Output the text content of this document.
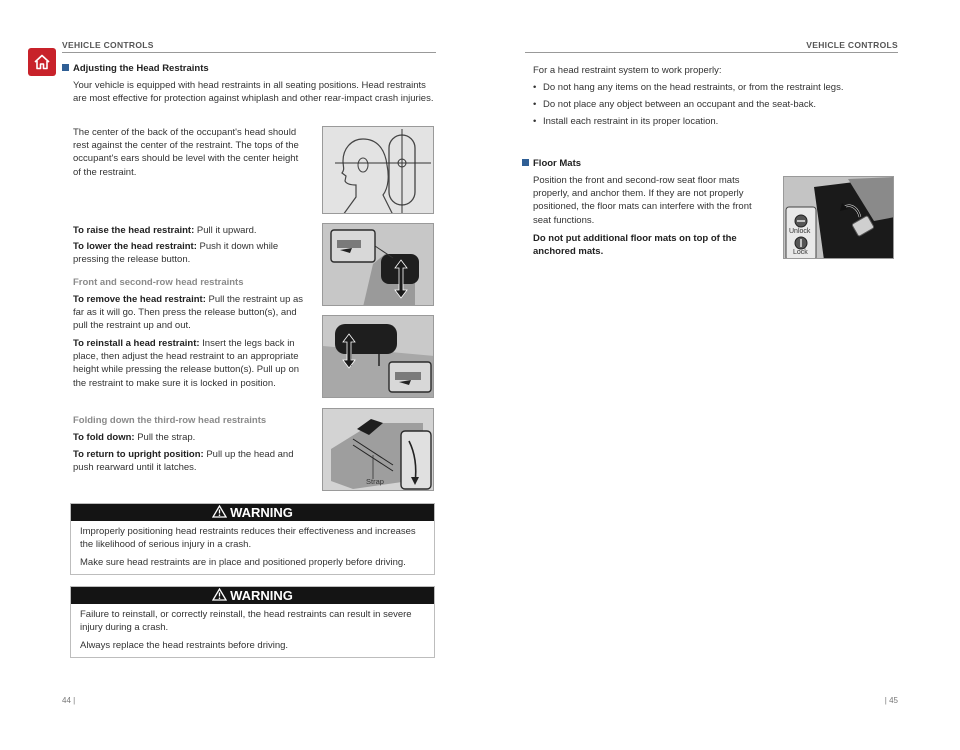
VEHICLE CONTROLS	VEHICLE CONTROLS
Adjusting the Head Restraints
Your vehicle is equipped with head restraints in all seating positions. Head restraints are most effective for protection against whiplash and other rear-impact crash injuries.
The center of the back of the occupant's head should rest against the center of the restraint. The tops of the occupant's ears should be level with the center height of the restraint.
To raise the head restraint: Pull it upward.
To lower the head restraint: Push it down while pressing the release button.
Front and second-row head restraints
To remove the head restraint: Pull the restraint up as far as it will go. Then press the release button(s), and pull the restraint up and out.
To reinstall a head restraint: Insert the legs back in place, then adjust the head restraint to an appropriate height while pressing the release button(s). Pull up on the restraint to make sure it is locked in position.
Folding down the third-row head restraints
To fold down: Pull the strap.
To return to upright position: Pull up the head and push rearward until it latches.
Strap
WARNING

Improperly positioning head restraints reduces their effectiveness and increases the likelihood of serious injury in a crash.

Make sure head restraints are in place and positioned properly before driving.

WARNING

Failure to reinstall, or correctly reinstall, the head restraints can result in severe injury during a crash.

Always replace the head restraints before driving.

For a head restraint system to work properly:
• Do not hang any items on the head restraints, or from the restraint legs.
• Do not place any object between an occupant and the seat-back.
• Install each restraint in its proper location.
Floor Mats
Position the front and second-row seat floor mats properly, and anchor them. If they are not properly positioned, the floor mats can interfere with the front seat functions.
Do not put additional floor mats on top of the anchored mats.
Unlock
Lock
44 |	| 45
